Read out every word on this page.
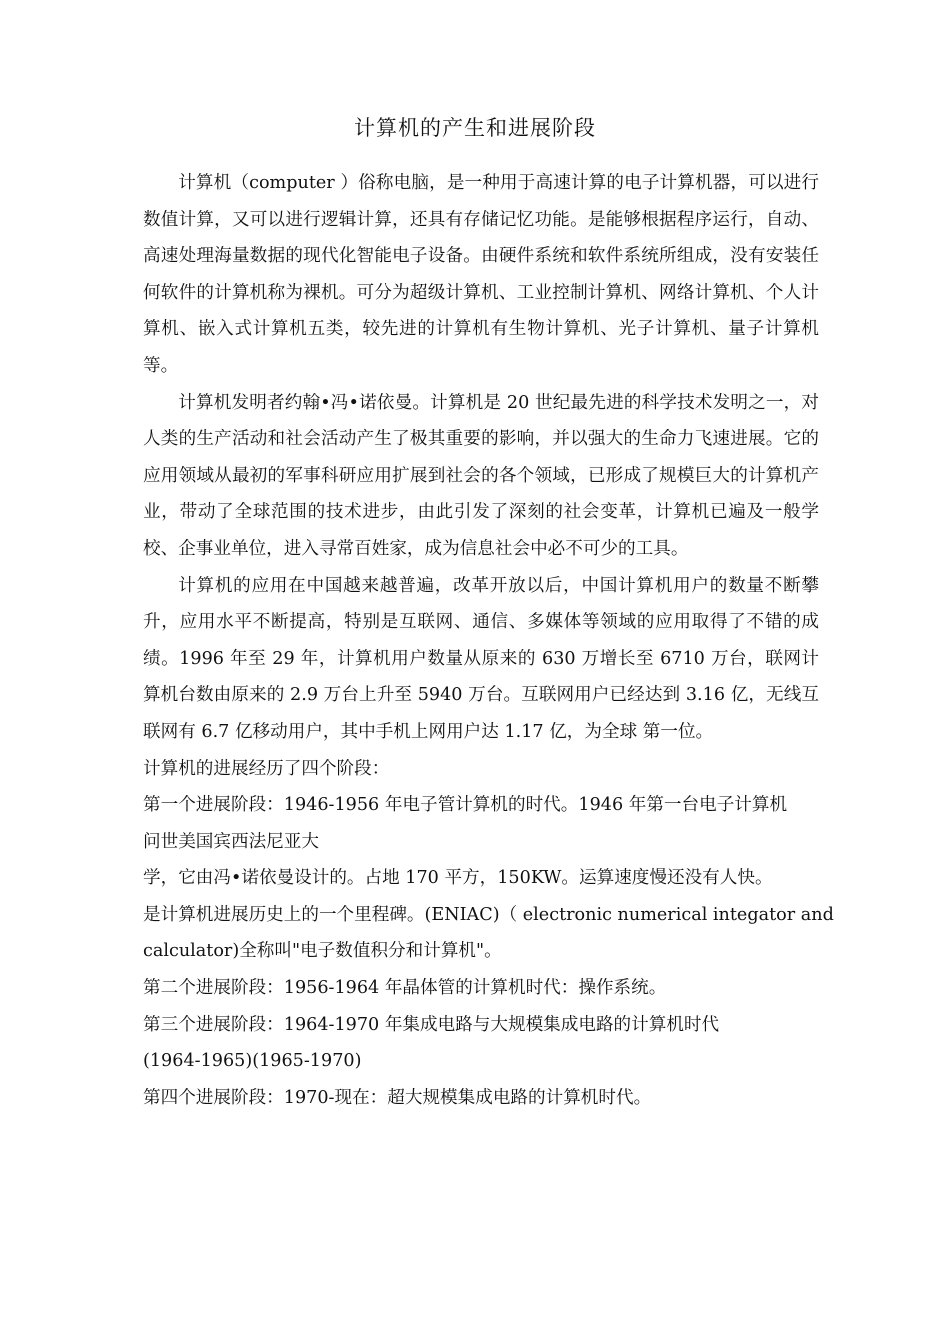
计算机的产生和进展阶段

计算机（computer ）俗称电脑，是一种用于高速计算的电子计算机器，可以进行数值计算，又可以进行逻辑计算，还具有存储记忆功能。是能够根据程序运行，自动、高速处理海量数据的现代化智能电子设备。由硬件系统和软件系统所组成，没有安装任何软件的计算机称为裸机。可分为超级计算机、工业控制计算机、网络计算机、个人计算机、嵌入式计算机五类，较先进的计算机有生物计算机、光子计算机、量子计算机等。

计算机发明者约翰•冯•诺依曼。计算机是 20 世纪最先进的科学技术发明之一，对人类的生产活动和社会活动产生了极其重要的影响，并以强大的生命力飞速进展。它的应用领域从最初的军事科研应用扩展到社会的各个领域，已形成了规模巨大的计算机产业，带动了全球范围的技术进步，由此引发了深刻的社会变革，计算机已遍及一般学校、企事业单位，进入寻常百姓家，成为信息社会中必不可少的工具。

计算机的应用在中国越来越普遍，改革开放以后，中国计算机用户的数量不断攀升，应用水平不断提高，特别是互联网、通信、多媒体等领域的应用取得了不错的成绩。1996 年至 29 年，计算机用户数量从原来的 630 万增长至 6710 万台，联网计算机台数由原来的 2.9 万台上升至 5940 万台。互联网用户已经达到 3.16 亿，无线互联网有 6.7 亿移动用户，其中手机上网用户达 1.17 亿，为全球 第一位。

计算机的进展经历了四个阶段：

第一个进展阶段：1946-1956 年电子管计算机的时代。1946 年第一台电子计算机

问世美国宾西法尼亚大

学，它由冯•诺依曼设计的。占地 170 平方，150KW。运算速度慢还没有人快。

是计算机进展历史上的一个里程碑。(ENIAC)（ electronic numerical integator and

calculator)全称叫"电子数值积分和计算机"。

第二个进展阶段：1956-1964 年晶体管的计算机时代：操作系统。

第三个进展阶段：1964-1970 年集成电路与大规模集成电路的计算机时代

(1964-1965)(1965-1970)

第四个进展阶段：1970-现在：超大规模集成电路的计算机时代。
